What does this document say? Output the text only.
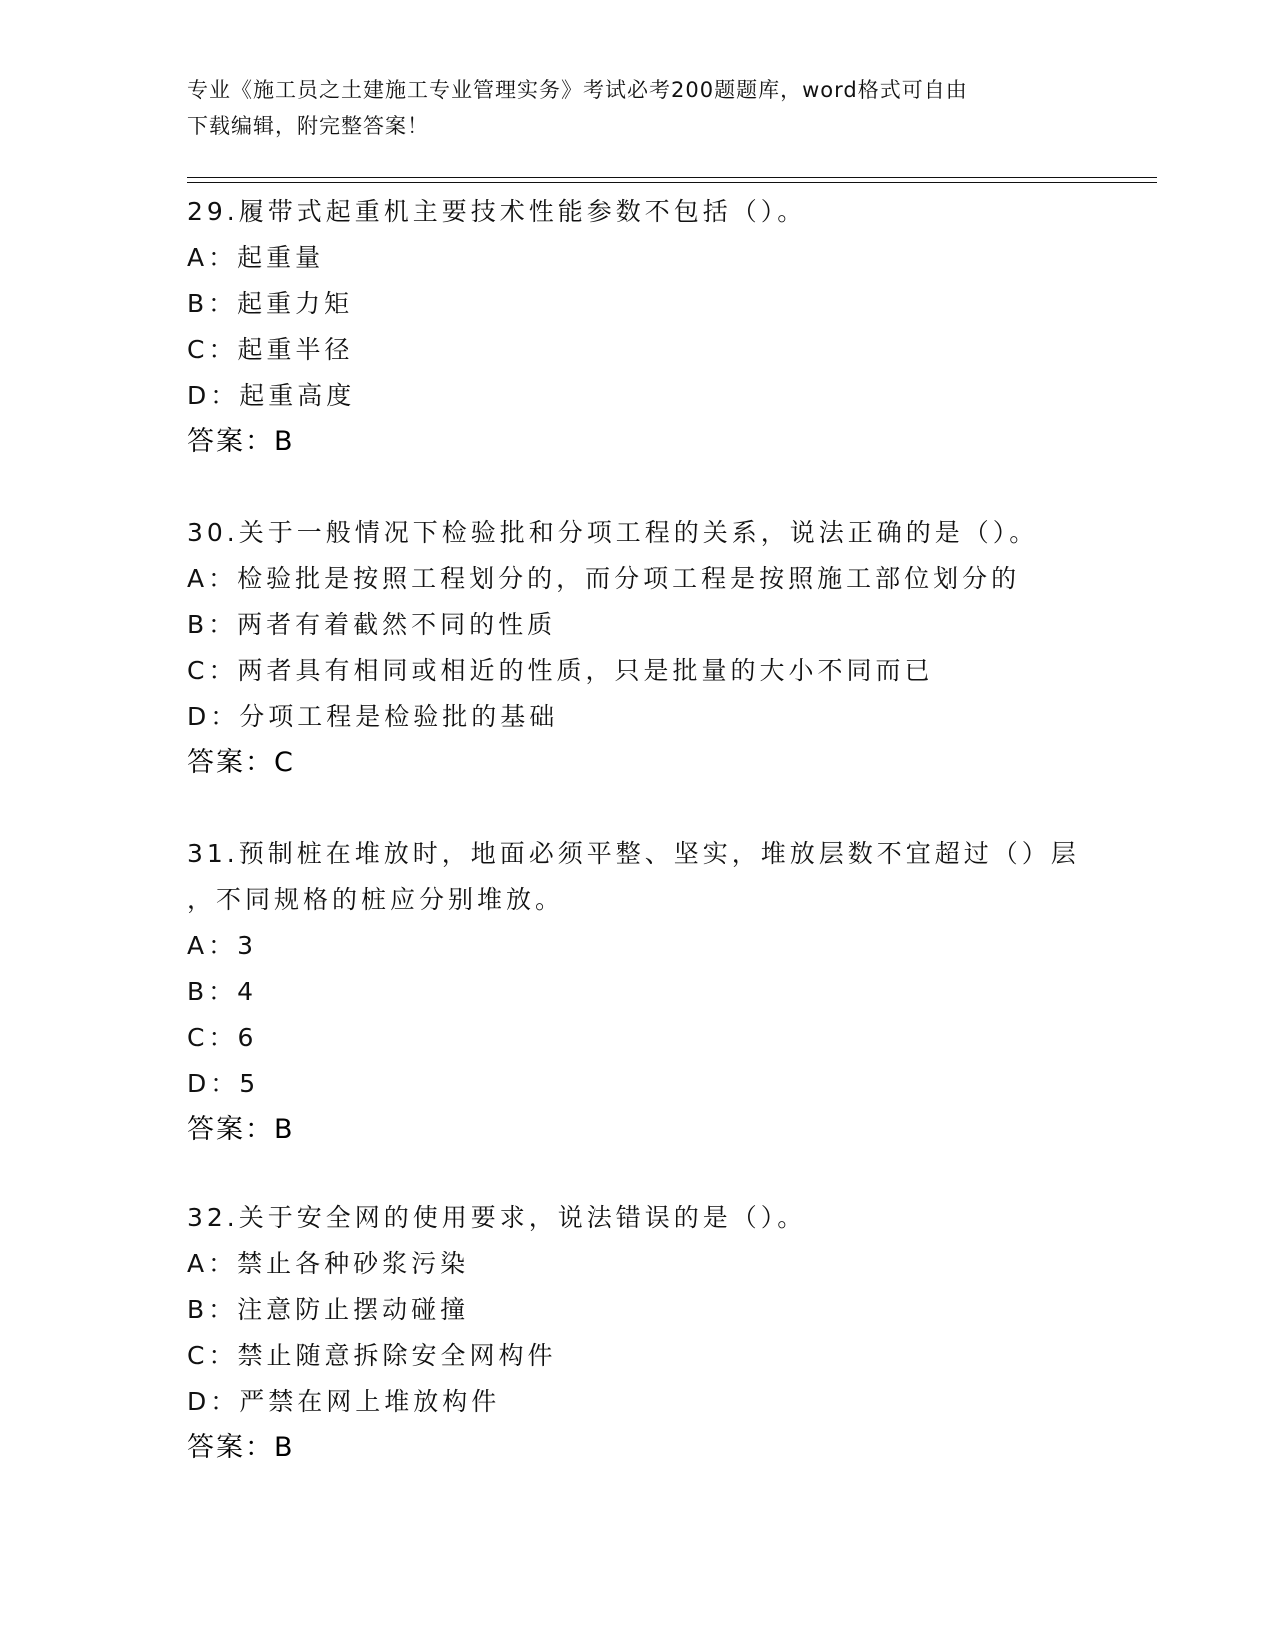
专业《施工员之土建施工专业管理实务》考试必考200题题库，word格式可自由
下载编辑，附完整答案！
29.履带式起重机主要技术性能参数不包括（）。
A：起重量
B：起重力矩
C：起重半径
D：起重高度
答案：B
30.关于一般情况下检验批和分项工程的关系，说法正确的是（）。
A：检验批是按照工程划分的，而分项工程是按照施工部位划分的
B：两者有着截然不同的性质
C：两者具有相同或相近的性质，只是批量的大小不同而已
D：分项工程是检验批的基础
答案：C
31.预制桩在堆放时，地面必须平整、坚实，堆放层数不宜超过（）层
，不同规格的桩应分别堆放。
A：3
B：4
C：6
D：5
答案：B
32.关于安全网的使用要求，说法错误的是（）。
A：禁止各种砂浆污染
B：注意防止摆动碰撞
C：禁止随意拆除安全网构件
D：严禁在网上堆放构件
答案：B
